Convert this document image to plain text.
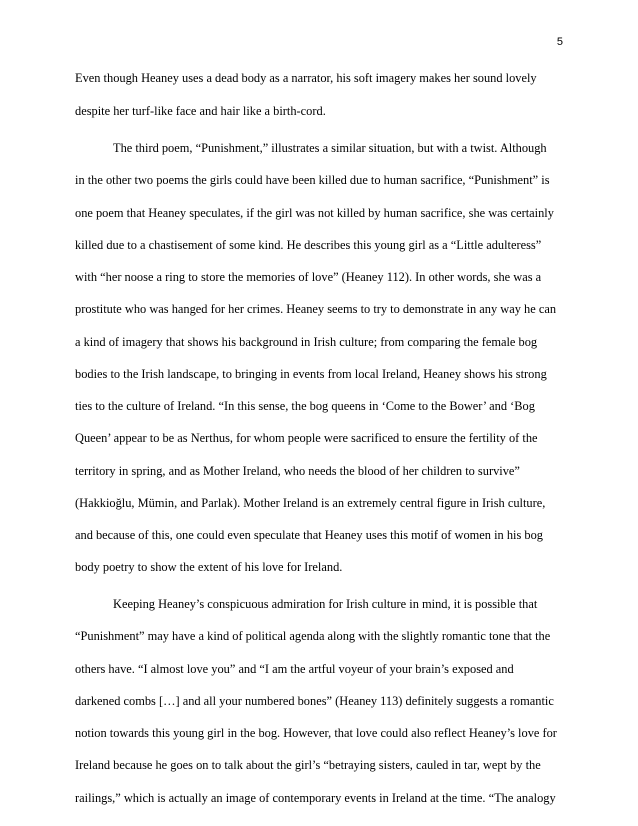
5
Even though Heaney uses a dead body as a narrator, his soft imagery makes her sound lovely
despite her turf-like face and hair like a birth-cord.
The third poem, “Punishment,” illustrates a similar situation, but with a twist. Although
in the other two poems the girls could have been killed due to human sacrifice, “Punishment” is
one poem that Heaney speculates, if the girl was not killed by human sacrifice, she was certainly
killed due to a chastisement of some kind. He describes this young girl as a “Little adulteress”
with “her noose a ring to store the memories of love” (Heaney 112). In other words, she was a
prostitute who was hanged for her crimes. Heaney seems to try to demonstrate in any way he can
a kind of imagery that shows his background in Irish culture; from comparing the female bog
bodies to the Irish landscape, to bringing in events from local Ireland, Heaney shows his strong
ties to the culture of Ireland. “In this sense, the bog queens in ‘Come to the Bower’ and ‘Bog
Queen’ appear to be as Nerthus, for whom people were sacrificed to ensure the fertility of the
territory in spring, and as Mother Ireland, who needs the blood of her children to survive”
(Hakkioğlu, Mümin, and Parlak). Mother Ireland is an extremely central figure in Irish culture,
and because of this, one could even speculate that Heaney uses this motif of women in his bog
body poetry to show the extent of his love for Ireland.
Keeping Heaney’s conspicuous admiration for Irish culture in mind, it is possible that
“Punishment” may have a kind of political agenda along with the slightly romantic tone that the
others have. “I almost love you” and “I am the artful voyeur of your brain’s exposed and
darkened combs […] and all your numbered bones” (Heaney 113) definitely suggests a romantic
notion towards this young girl in the bog. However, that love could also reflect Heaney’s love for
Ireland because he goes on to talk about the girl’s “betraying sisters, cauled in tar, wept by the
railings,” which is actually an image of contemporary events in Ireland at the time. “The analogy
